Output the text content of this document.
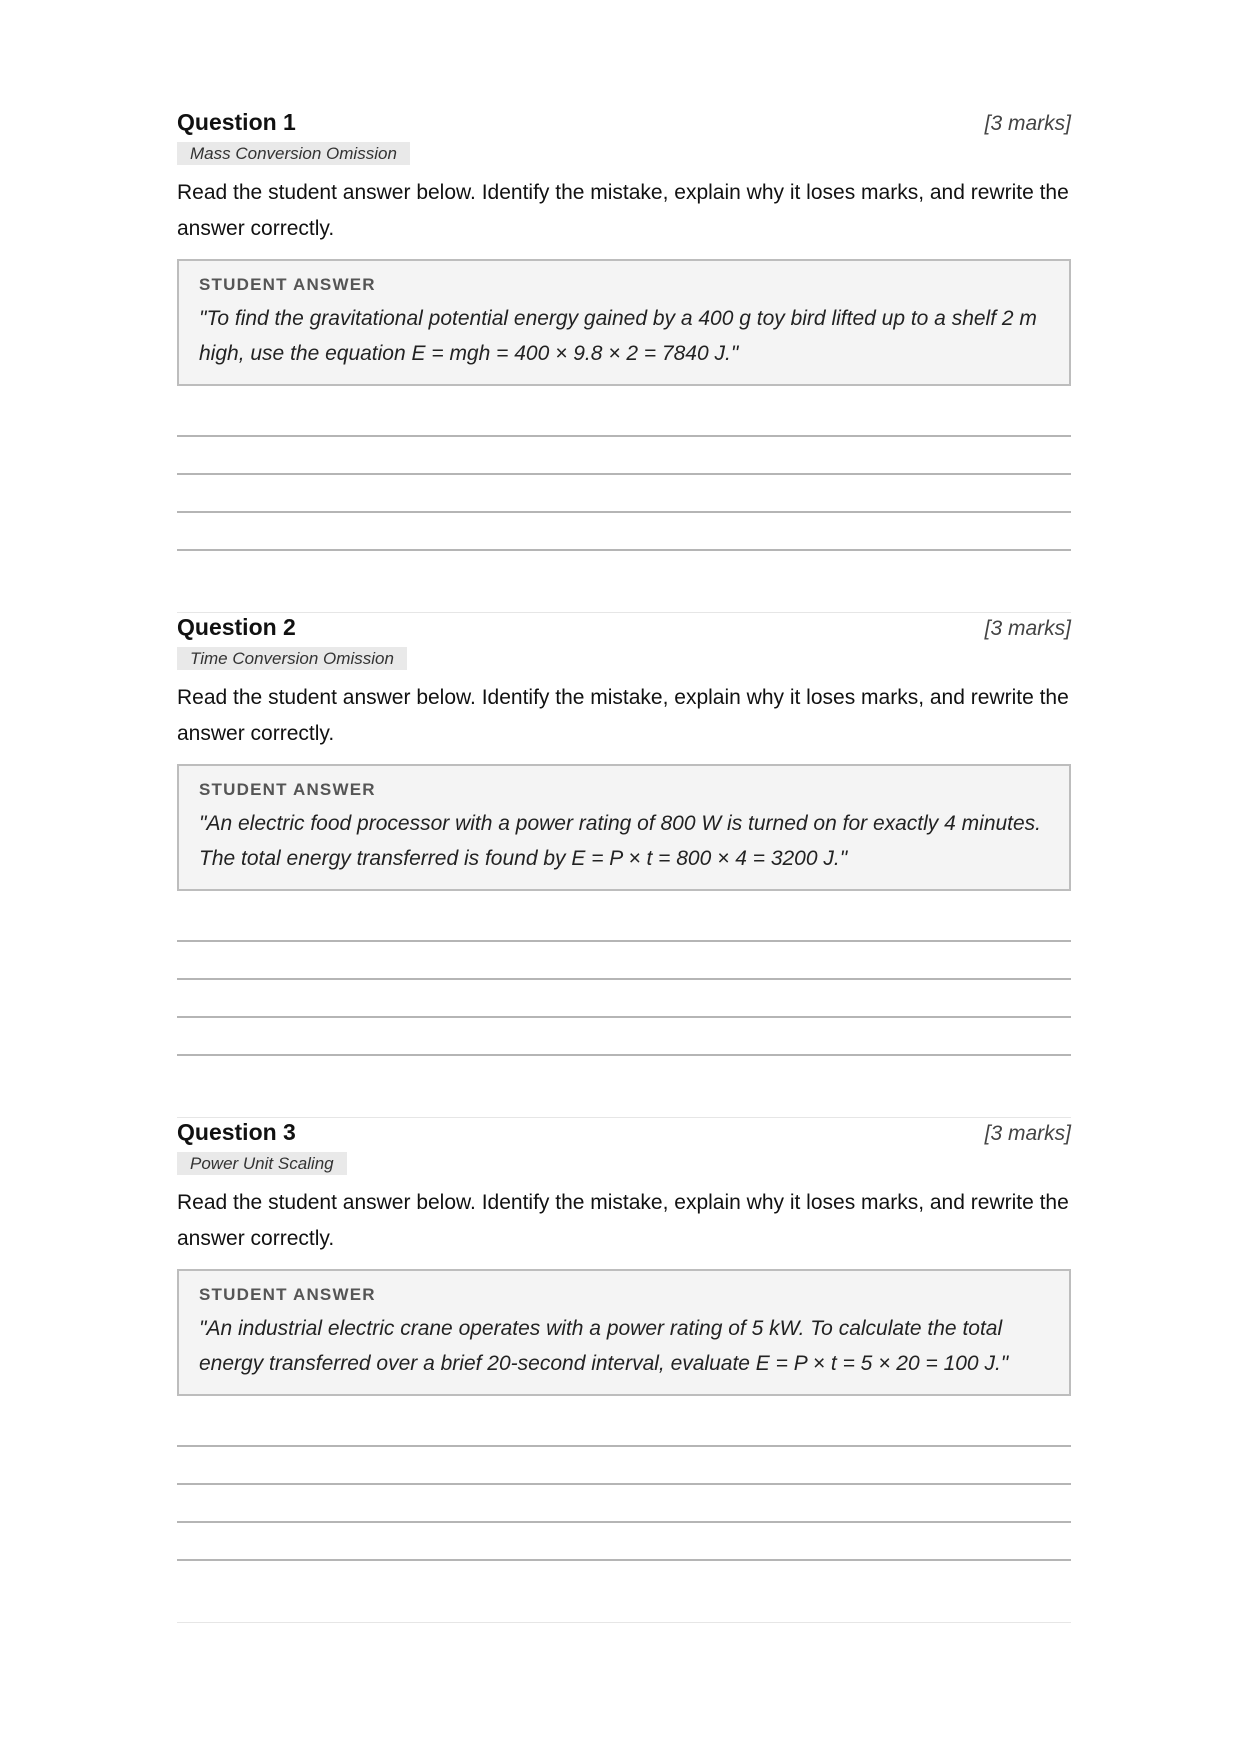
Question 1	[3 marks]
Mass Conversion Omission
Read the student answer below. Identify the mistake, explain why it loses marks, and rewrite the answer correctly.
STUDENT ANSWER
"To find the gravitational potential energy gained by a 400 g toy bird lifted up to a shelf 2 m high, use the equation E = mgh = 400 × 9.8 × 2 = 7840 J."
Question 2	[3 marks]
Time Conversion Omission
Read the student answer below. Identify the mistake, explain why it loses marks, and rewrite the answer correctly.
STUDENT ANSWER
"An electric food processor with a power rating of 800 W is turned on for exactly 4 minutes. The total energy transferred is found by E = P × t = 800 × 4 = 3200 J."
Question 3	[3 marks]
Power Unit Scaling
Read the student answer below. Identify the mistake, explain why it loses marks, and rewrite the answer correctly.
STUDENT ANSWER
"An industrial electric crane operates with a power rating of 5 kW. To calculate the total energy transferred over a brief 20-second interval, evaluate E = P × t = 5 × 20 = 100 J."
